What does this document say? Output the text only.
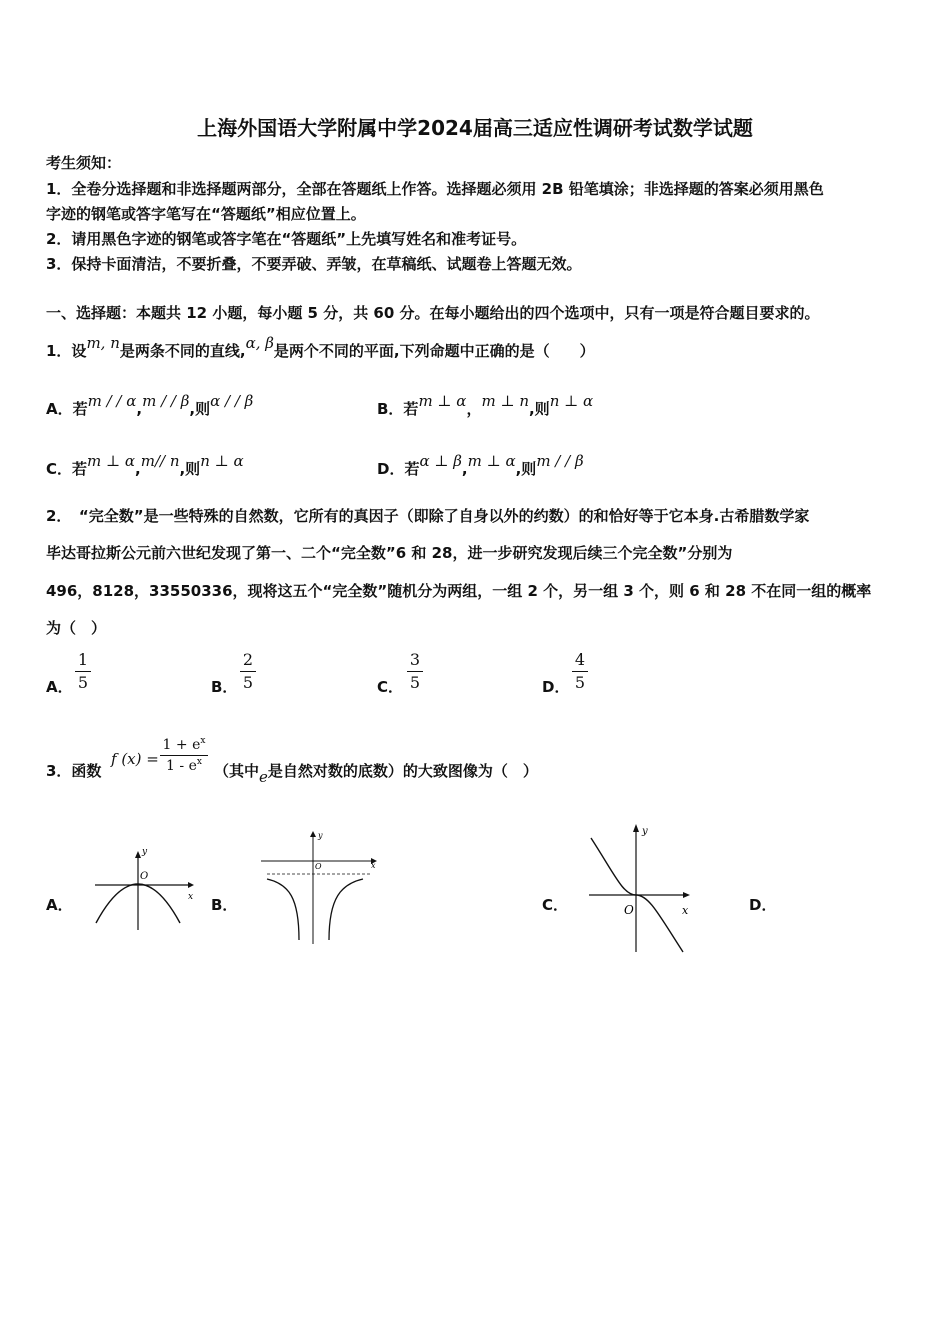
上海外国语大学附属中学2024届高三适应性调研考试数学试题
考生须知：
1．全卷分选择题和非选择题两部分，全部在答题纸上作答。选择题必须用 2B 铅笔填涂；非选择题的答案必须用黑色
字迹的钢笔或答字笔写在“答题纸”相应位置上。
2．请用黑色字迹的钢笔或答字笔在“答题纸”上先填写姓名和准考证号。
3．保持卡面清洁，不要折叠，不要弄破、弄皱，在草稿纸、试题卷上答题无效。
一、选择题：本题共 12 小题，每小题 5 分，共 60 分。在每小题给出的四个选项中，只有一项是符合题目要求的。
1．设m, n是两条不同的直线,α, β是两个不同的平面,下列命题中正确的是（　　）
A．若m / / α,m / / β,则α / / β	B．若m ⊥ α，m ⊥ n,则n ⊥ α
C．若m ⊥ α,m// n,则n ⊥ α	D．若α ⊥ β,m ⊥ α,则m / / β
2．　“完全数”是一些特殊的自然数，它所有的真因子（即除了自身以外的约数）的和恰好等于它本身.古希腊数学家
毕达哥拉斯公元前六世纪发现了第一、二个“完全数”6 和 28，进一步研究发现后续三个完全数”分别为
496，8128，33550336，现将这五个“完全数”随机分为两组，一组 2 个，另一组 3 个，则 6 和 28 不在同一组的概率
为（　）
A．
1
5	B．
2
5	C．
3
5	D．
4
5
3．函数
f (x) =
$1 + e^x$
$1 - e^x$ （其中e是自然对数的底数）的大致图像为（　）
A．
y
x
O
B．
y
x
O
C．
y
x
O	D．
